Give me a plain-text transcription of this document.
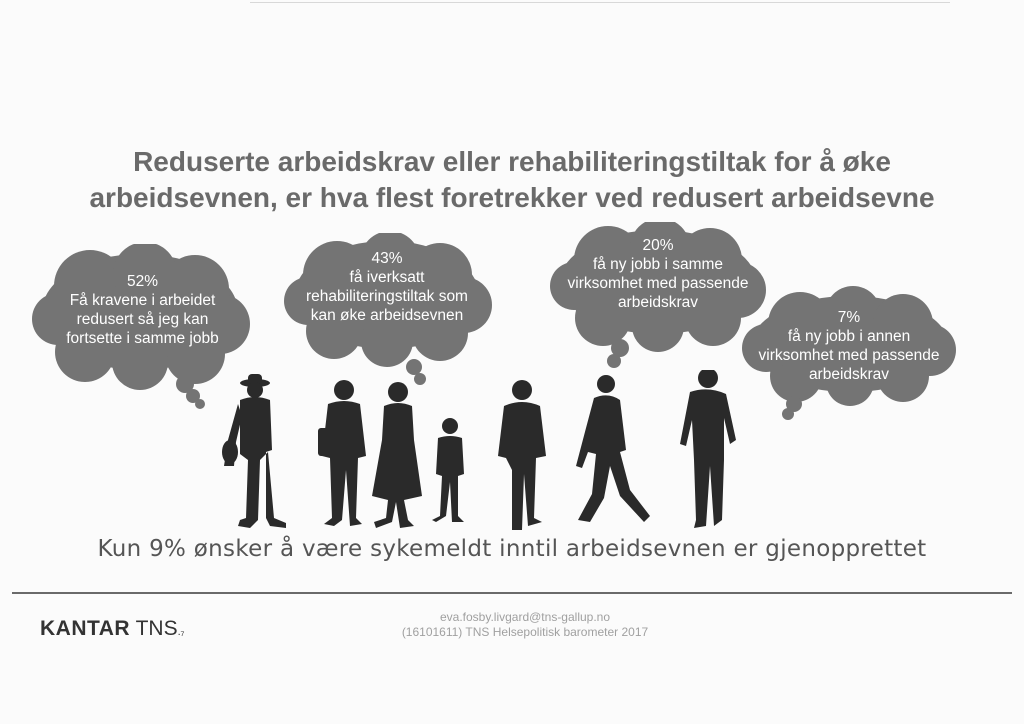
Reduserte arbeidskrav eller rehabiliteringstiltak for å øke
arbeidsevnen, er hva flest foretrekker ved redusert arbeidsevne
52%
Få kravene i arbeidet
redusert så jeg kan
fortsette i samme jobb
43%
få iverksatt
rehabiliteringstiltak som
kan øke arbeidsevnen
20%
få ny jobb i samme
virksomhet med passende
arbeidskrav
7%
få ny jobb i annen
virksomhet med passende
arbeidskrav
Kun 9% ønsker å være sykemeldt inntil arbeidsevnen er gjenopprettet
KANTAR TNS.₇
eva.fosby.livgard@tns-gallup.no
(16101611) TNS Helsepolitisk barometer 2017
